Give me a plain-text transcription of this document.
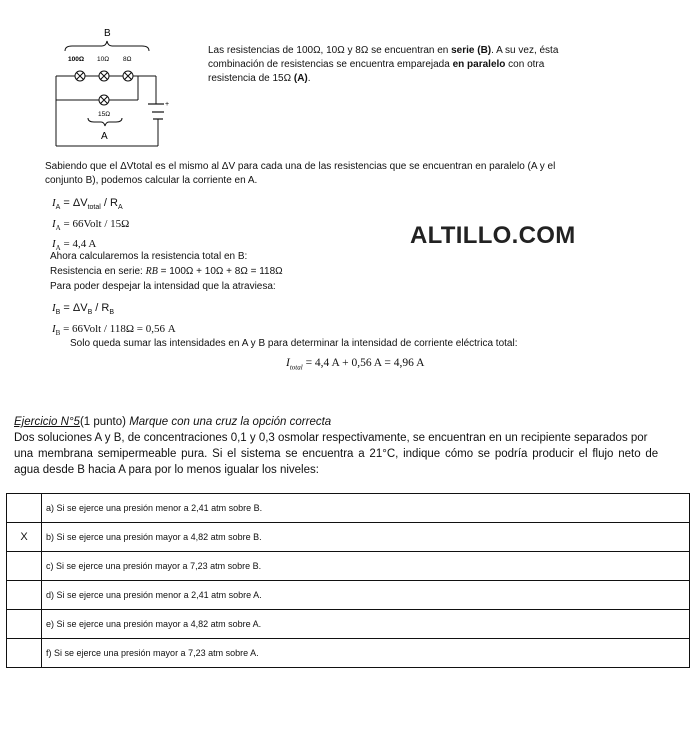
B
100Ω 10Ω 8Ω
+
15Ω
A
Las resistencias de 100Ω, 10Ω y 8Ω se encuentran en serie (B). A su vez, ésta
combinación de resistencias se encuentra emparejada en paralelo con otra
resistencia de 15Ω (A).
Sabiendo que el ΔVtotal es el mismo al ΔV para cada una de las resistencias que se encuentran en paralelo (A y el
conjunto B), podemos calcular la corriente en A.
$I_A = \Delta V_{total} / R_A$
$I_A$ = 66Volt / 15Ω
$I_A = 4,4$ A	ALTILLO.COM
Ahora calcularemos la resistencia total en B:
Resistencia en serie: RB = 100Ω + 10Ω + 8Ω = 118Ω
Para poder despejar la intensidad que la atraviesa:
$I_B = \Delta V_B / R_B$
$I_B$ = 66Volt / 118Ω = 0,56 A
Solo queda sumar las intensidades en A y B para determinar la intensidad de corriente eléctrica total:
$I_{total} = 4,4$ A + 0,56 A = 4,96 A
Ejercicio N°5(1 punto) Marque con una cruz la opción correcta
Dos soluciones A y B, de concentraciones 0,1 y 0,3 osmolar respectivamente, se encuentran en un recipiente separados por
una membrana semipermeable pura. Si el sistema se encuentra a 21°C, indique cómo se podría producir el flujo neto de
agua desde B hacia A para por lo menos igualar los niveles:
	a) Si se ejerce una presión menor a 2,41 atm sobre B.
X	b) Si se ejerce una presión mayor a 4,82 atm sobre B.
	c) Si se ejerce una presión mayor a 7,23 atm sobre B.
	d) Si se ejerce una presión menor a 2,41 atm sobre A.
	e) Si se ejerce una presión mayor a 4,82 atm sobre A.
	f) Si se ejerce una presión mayor a 7,23 atm sobre A.
